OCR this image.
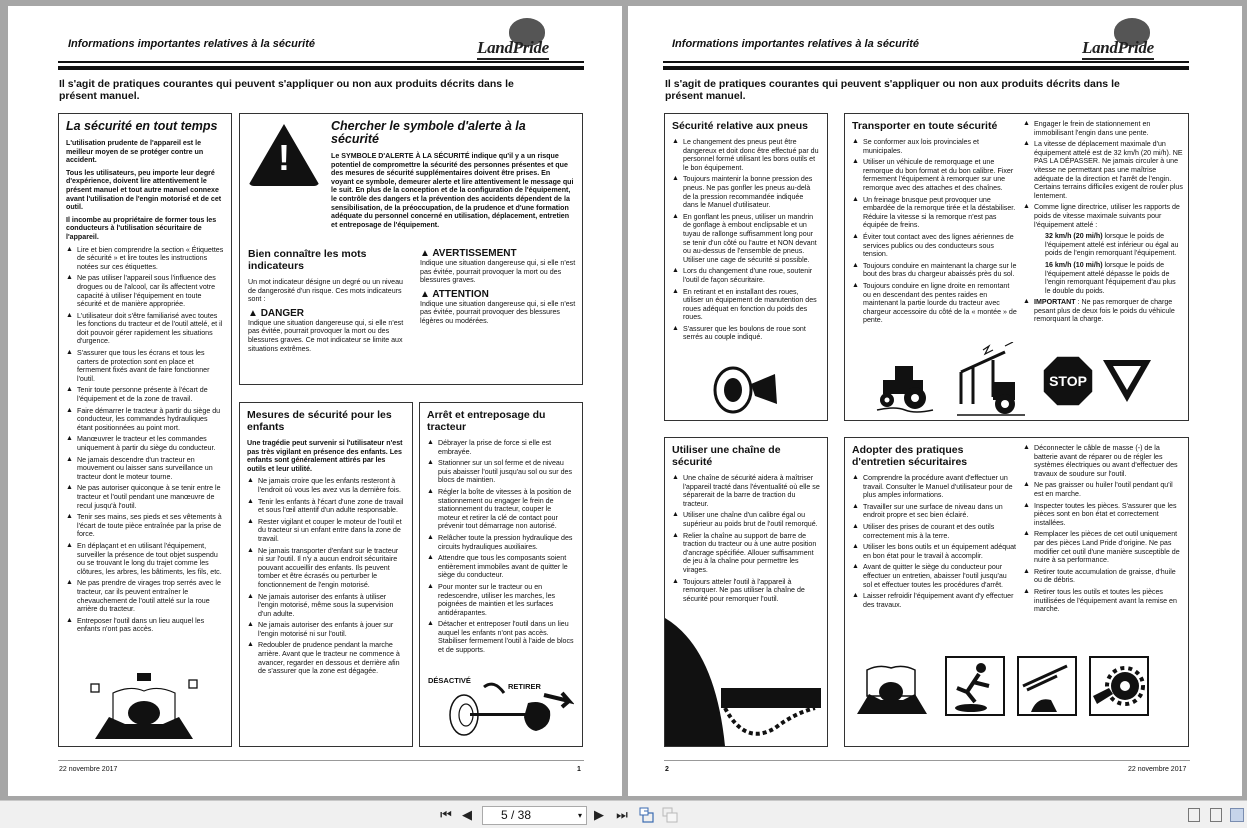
Informations importantes relatives à la sécurité	LandPride
Il s'agit de pratiques courantes qui peuvent s'appliquer ou non aux produits décrits dans le présent manuel.
La sécurité en tout temps

L'utilisation prudente de l'appareil est le meilleur moyen de se protéger contre un accident.

Tous les utilisateurs, peu importe leur degré d'expérience, doivent lire attentivement le présent manuel et tout autre manuel connexe avant l'utilisation de l'engin motorisé et de cet outil.

Il incombe au propriétaire de former tous les conducteurs à l'utilisation sécuritaire de l'appareil.

▲ Lire et bien comprendre la section « Étiquettes de sécurité » et lire toutes les instructions notées sur ces étiquettes.
▲ Ne pas utiliser l'appareil sous l'influence des drogues ou de l'alcool, car ils affectent votre capacité à utiliser l'équipement en toute sécurité et de manière appropriée.
▲ L'utilisateur doit s'être familiarisé avec toutes les fonctions du tracteur et de l'outil attelé, et il doit pouvoir gérer rapidement les situations d'urgence.
▲ S'assurer que tous les écrans et tous les carters de protection sont en place et fermement fixés avant de faire fonctionner l'outil.
▲ Tenir toute personne présente à l'écart de l'équipement et de la zone de travail.
▲ Faire démarrer le tracteur à partir du siège du conducteur, les commandes hydrauliques étant positionnées au point mort.
▲ Manœuvrer le tracteur et les commandes uniquement à partir du siège du conducteur.
▲ Ne jamais descendre d'un tracteur en mouvement ou laisser sans surveillance un tracteur dont le moteur tourne.
▲ Ne pas autoriser quiconque à se tenir entre le tracteur et l'outil pendant une manœuvre de recul jusqu'à l'outil.
▲ Tenir ses mains, ses pieds et ses vêtements à l'écart de toute pièce entraînée par la prise de force.
▲ En déplaçant et en utilisant l'équipement, surveiller la présence de tout objet suspendu ou se trouvant le long du trajet comme les clôtures, les arbres, les bâtiments, les fils, etc.
▲ Ne pas prendre de virages trop serrés avec le tracteur, car ils peuvent entraîner le chevauchement de l'outil attelé sur la roue arrière du tracteur.
▲ Entreposer l'outil dans un lieu auquel les enfants n'ont pas accès.
!
Chercher le symbole d'alerte à la sécurité

Le SYMBOLE D'ALERTE À LA SÉCURITÉ indique qu'il y a un risque potentiel de compromettre la sécurité des personnes présentes et que des mesures de sécurité supplémentaires doivent être prises. En voyant ce symbole, demeurer alerte et lire attentivement le message qui le suit. En plus de la conception et de la configuration de l'équipement, le contrôle des dangers et la prévention des accidents dépendent de la sensibilisation, de la préoccupation, de la prudence et d'une formation adéquate du personnel concerné en utilisation, déplacement, entretien et entreposage de l'équipement.

Bien connaître les mots indicateurs

Un mot indicateur désigne un degré ou un niveau de dangerosité d'un risque. Ces mots indicateurs sont :

▲ DANGER

Indique une situation dangereuse qui, si elle n'est pas évitée, pourrait provoquer la mort ou des blessures graves. Ce mot indicateur se limite aux situations extrêmes.

▲ AVERTISSEMENT

Indique une situation dangereuse qui, si elle n'est pas évitée, pourrait provoquer la mort ou des blessures graves.

▲ ATTENTION

Indique une situation dangereuse qui, si elle n'est pas évitée, pourrait provoquer des blessures légères ou modérées.

Mesures de sécurité pour les enfants

Une tragédie peut survenir si l'utilisateur n'est pas très vigilant en présence des enfants. Les enfants sont généralement attirés par les outils et leur utilité.

▲ Ne jamais croire que les enfants resteront à l'endroit où vous les avez vus la dernière fois.
▲ Tenir les enfants à l'écart d'une zone de travail et sous l'œil attentif d'un adulte responsable.
▲ Rester vigilant et couper le moteur de l'outil et du tracteur si un enfant entre dans la zone de travail.
▲ Ne jamais transporter d'enfant sur le tracteur ni sur l'outil. Il n'y a aucun endroit sécuritaire pouvant accueillir des enfants. Ils peuvent tomber et être écrasés ou perturber le fonctionnement de l'engin motorisé.
▲ Ne jamais autoriser des enfants à utiliser l'engin motorisé, même sous la supervision d'un adulte.
▲ Ne jamais autoriser des enfants à jouer sur l'engin motorisé ni sur l'outil.
▲ Redoubler de prudence pendant la marche arrière. Avant que le tracteur ne commence à avancer, regarder en dessous et derrière afin de s'assurer que la zone est dégagée.
Arrêt et entreposage du tracteur
▲ Débrayer la prise de force si elle est embrayée.
▲ Stationner sur un sol ferme et de niveau puis abaisser l'outil jusqu'au sol ou sur des blocs de maintien.
▲ Régler la boîte de vitesses à la position de stationnement ou engager le frein de stationnement du tracteur, couper le moteur et retirer la clé de contact pour prévenir tout démarrage non autorisé.
▲ Relâcher toute la pression hydraulique des circuits hydrauliques auxiliaires.
▲ Attendre que tous les composants soient entièrement immobiles avant de quitter le siège du conducteur.
▲ Pour monter sur le tracteur ou en redescendre, utiliser les marches, les poignées de maintien et les surfaces antidérapantes.
▲ Détacher et entreposer l'outil dans un lieu auquel les enfants n'ont pas accès. Stabiliser fermement l'outil à l'aide de blocs et de supports.
DÉSACTIVÉ
RETIRER
22 novembre 2017	1
Informations importantes relatives à la sécurité	LandPride
Il s'agit de pratiques courantes qui peuvent s'appliquer ou non aux produits décrits dans le présent manuel.
Sécurité relative aux pneus
▲ Le changement des pneus peut être dangereux et doit donc être effectué par du personnel formé utilisant les bons outils et le bon équipement.
▲ Toujours maintenir la bonne pression des pneus. Ne pas gonfler les pneus au-delà de la pression recommandée indiquée dans le Manuel d'utilisateur.
▲ En gonflant les pneus, utiliser un mandrin de gonflage à embout enclipsable et un tuyau de rallonge suffisamment long pour se tenir d'un côté ou l'autre et NON devant ou au-dessus de l'ensemble de pneus. Utiliser une cage de sécurité si possible.
▲ Lors du changement d'une roue, soutenir l'outil de façon sécuritaire.
▲ En retirant et en installant des roues, utiliser un équipement de manutention des roues adéquat en fonction du poids des roues.
▲ S'assurer que les boulons de roue sont serrés au couple indiqué.
Transporter en toute sécurité
▲ Se conformer aux lois provinciales et municipales.
▲ Utiliser un véhicule de remorquage et une remorque du bon format et du bon calibre. Fixer fermement l'équipement à remorquer sur une remorque avec des attaches et des chaînes.
▲ Un freinage brusque peut provoquer une embardée de la remorque tirée et la déstabiliser. Réduire la vitesse si la remorque n'est pas équipée de freins.
▲ Éviter tout contact avec des lignes aériennes de services publics ou des conducteurs sous tension.
▲ Toujours conduire en maintenant la charge sur le bout des bras du chargeur abaissés près du sol.
▲ Toujours conduire en ligne droite en remontant ou en descendant des pentes raides en maintenant la partie lourde du tracteur avec chargeur accessoire du côté de la « montée » de pente.
▲ Engager le frein de stationnement en immobilisant l'engin dans une pente.
▲ La vitesse de déplacement maximale d'un équipement attelé est de 32 km/h (20 mi/h). NE PAS LA DÉPASSER. Ne jamais circuler à une vitesse ne permettant pas une maîtrise adéquate de la direction et l'arrêt de l'engin. Certains terrains difficiles exigent de rouler plus lentement.
▲ Comme ligne directrice, utiliser les rapports de poids de vitesse maximale suivants pour l'équipement attelé :
32 km/h (20 mi/h) lorsque le poids de l'équipement attelé est inférieur ou égal au poids de l'engin remorquant l'équipement.
16 km/h (10 mi/h) lorsque le poids de l'équipement attelé dépasse le poids de l'engin remorquant l'équipement d'au plus le double du poids.
▲ IMPORTANT : Ne pas remorquer de charge pesant plus de deux fois le poids du véhicule remorquant la charge.
STOP
Utiliser une chaîne de sécurité
▲ Une chaîne de sécurité aidera à maîtriser l'appareil tracté dans l'éventualité où elle se séparerait de la barre de traction du tracteur.
▲ Utiliser une chaîne d'un calibre égal ou supérieur au poids brut de l'outil remorqué.
▲ Relier la chaîne au support de barre de traction du tracteur ou à une autre position d'ancrage spécifiée. Allouer suffisamment de jeu à la chaîne pour permettre les virages.
▲ Toujours atteler l'outil à l'appareil à remorquer. Ne pas utiliser la chaîne de sécurité pour remorquer l'outil.
Adopter des pratiques d'entretien sécuritaires
▲ Comprendre la procédure avant d'effectuer un travail. Consulter le Manuel d'utilisateur pour de plus amples informations.
▲ Travailler sur une surface de niveau dans un endroit propre et sec bien éclairé.
▲ Utiliser des prises de courant et des outils correctement mis à la terre.
▲ Utiliser les bons outils et un équipement adéquat en bon état pour le travail à accomplir.
▲ Avant de quitter le siège du conducteur pour effectuer un entretien, abaisser l'outil jusqu'au sol et effectuer toutes les procédures d'arrêt.
▲ Laisser refroidir l'équipement avant d'y effectuer des travaux.
▲ Déconnecter le câble de masse (-) de la batterie avant de réparer ou de régler les systèmes électriques ou avant d'effectuer des travaux de soudure sur l'outil.
▲ Ne pas graisser ou huiler l'outil pendant qu'il est en marche.
▲ Inspecter toutes les pièces. S'assurer que les pièces sont en bon état et correctement installées.
▲ Remplacer les pièces de cet outil uniquement par des pièces Land Pride d'origine. Ne pas modifier cet outil d'une manière susceptible de nuire à sa performance.
▲ Retirer toute accumulation de graisse, d'huile ou de débris.
▲ Retirer tous les outils et toutes les pièces inutilisées de l'équipement avant la remise en marche.
2	22 novembre 2017
⏮ ◀	5 / 38	▾ ▶ ⏭
